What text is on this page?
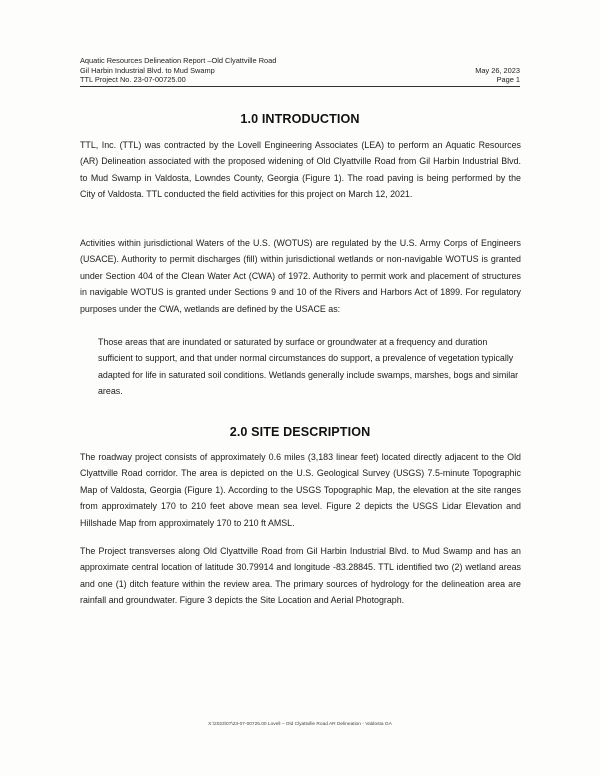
Aquatic Resources Delineation Report –Old Clyattville Road
Gil Harbin Industrial Blvd. to Mud Swamp
TTL Project No. 23-07-00725.00
May 26, 2023
Page 1
1.0 INTRODUCTION

TTL, Inc. (TTL) was contracted by the Lovell Engineering Associates (LEA) to perform an Aquatic Resources (AR) Delineation associated with the proposed widening of Old Clyattville Road from Gil Harbin Industrial Blvd. to Mud Swamp in Valdosta, Lowndes County, Georgia (Figure 1). The road paving is being performed by the City of Valdosta. TTL conducted the field activities for this project on March 12, 2021.

Activities within jurisdictional Waters of the U.S. (WOTUS) are regulated by the U.S. Army Corps of Engineers (USACE). Authority to permit discharges (fill) within jurisdictional wetlands or non-navigable WOTUS is granted under Section 404 of the Clean Water Act (CWA) of 1972. Authority to permit work and placement of structures in navigable WOTUS is granted under Sections 9 and 10 of the Rivers and Harbors Act of 1899. For regulatory purposes under the CWA, wetlands are defined by the USACE as:

Those areas that are inundated or saturated by surface or groundwater at a frequency and duration sufficient to support, and that under normal circumstances do support, a prevalence of vegetation typically adapted for life in saturated soil conditions. Wetlands generally include swamps, marshes, bogs and similar areas.

2.0 SITE DESCRIPTION

The roadway project consists of approximately 0.6 miles (3,183 linear feet) located directly adjacent to the Old Clyattville Road corridor. The area is depicted on the U.S. Geological Survey (USGS) 7.5-minute Topographic Map of Valdosta, Georgia (Figure 1). According to the USGS Topographic Map, the elevation at the site ranges from approximately 170 to 210 feet above mean sea level. Figure 2 depicts the USGS Lidar Elevation and Hillshade Map from approximately 170 to 210 ft AMSL.

The Project transverses along Old Clyattville Road from Gil Harbin Industrial Blvd. to Mud Swamp and has an approximate central location of latitude 30.79914 and longitude -83.28845. TTL identified two (2) wetland areas and one (1) ditch feature within the review area. The primary sources of hydrology for the delineation area are rainfall and groundwater. Figure 3 depicts the Site Location and Aerial Photograph.

X:\2023\07\23-07-00725.00 Lovell – Old Clyattville Road AR Delineation - Valdosta GA
